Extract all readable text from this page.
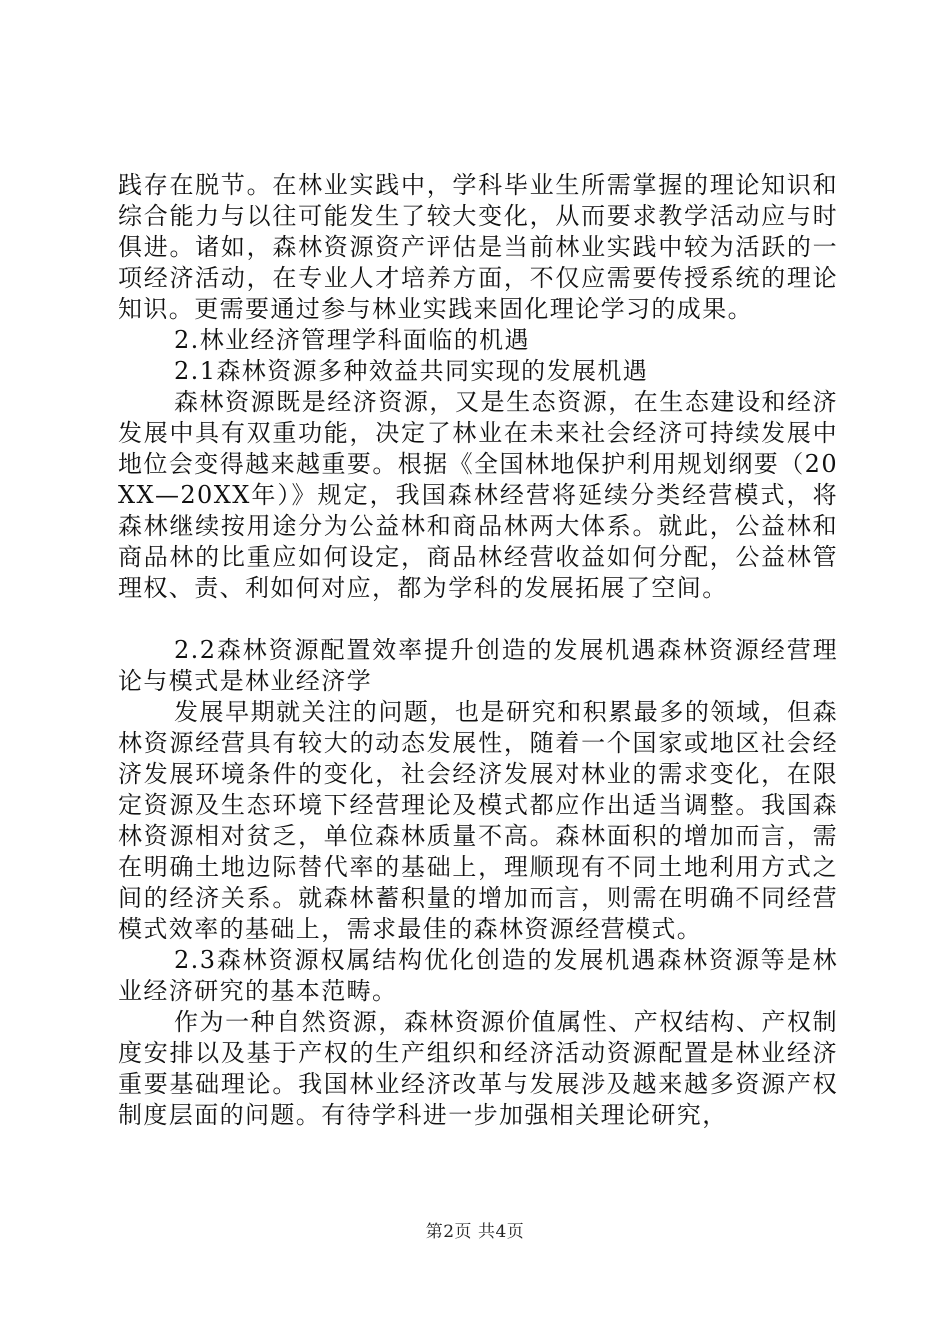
践存在脱节。在林业实践中，学科毕业生所需掌握的理论知识和综合能力与以往可能发生了较大变化，从而要求教学活动应与时俱进。诸如，森林资源资产评估是当前林业实践中较为活跃的一项经济活动，在专业人才培养方面，不仅应需要传授系统的理论知识。更需要通过参与林业实践来固化理论学习的成果。

2.林业经济管理学科面临的机遇

2.1森林资源多种效益共同实现的发展机遇

森林资源既是经济资源，又是生态资源，在生态建设和经济发展中具有双重功能，决定了林业在未来社会经济可持续发展中地位会变得越来越重要。根据《全国林地保护利用规划纲要（20XX—20XX年）》规定，我国森林经营将延续分类经营模式，将森林继续按用途分为公益林和商品林两大体系。就此，公益林和商品林的比重应如何设定，商品林经营收益如何分配，公益林管理权、责、利如何对应，都为学科的发展拓展了空间。

2.2森林资源配置效率提升创造的发展机遇森林资源经营理论与模式是林业经济学

发展早期就关注的问题，也是研究和积累最多的领域，但森林资源经营具有较大的动态发展性，随着一个国家或地区社会经济发展环境条件的变化，社会经济发展对林业的需求变化，在限定资源及生态环境下经营理论及模式都应作出适当调整。我国森林资源相对贫乏，单位森林质量不高。森林面积的增加而言，需在明确土地边际替代率的基础上，理顺现有不同土地利用方式之间的经济关系。就森林蓄积量的增加而言，则需在明确不同经营模式效率的基础上，需求最佳的森林资源经营模式。

2.3森林资源权属结构优化创造的发展机遇森林资源等是林业经济研究的基本范畴。

作为一种自然资源，森林资源价值属性、产权结构、产权制度安排以及基于产权的生产组织和经济活动资源配置是林业经济重要基础理论。我国林业经济改革与发展涉及越来越多资源产权制度层面的问题。有待学科进一步加强相关理论研究，

第2页 共4页
